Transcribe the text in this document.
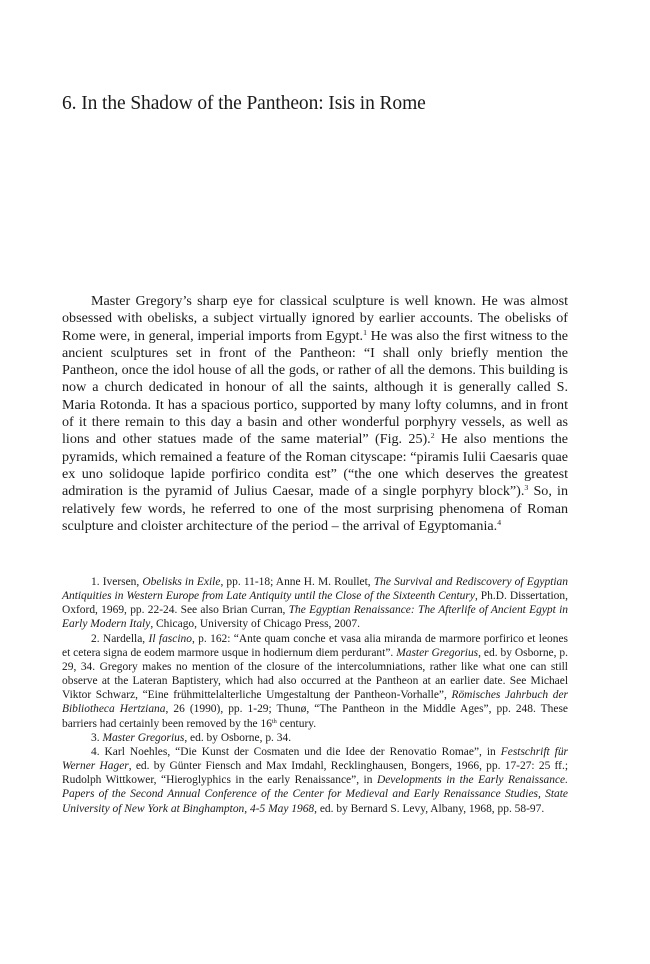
6. In the Shadow of the Pantheon: Isis in Rome

Master Gregory’s sharp eye for classical sculpture is well known. He was almost obsessed with obelisks, a subject virtually ignored by earlier accounts. The obelisks of Rome were, in general, imperial imports from Egypt.$^1$ He was also the first witness to the ancient sculptures set in front of the Pantheon: “I shall only briefly mention the Pantheon, once the idol house of all the gods, or rather of all the demons. This building is now a church dedicated in honour of all the saints, although it is generally called S. Maria Rotonda. It has a spacious portico, supported by many lofty columns, and in front of it there remain to this day a basin and other wonderful porphyry vessels, as well as lions and other statues made of the same material” (Fig. 25).$^2$ He also mentions the pyramids, which remained a feature of the Roman cityscape: “piramis Iulii Caesaris quae ex uno solidoque lapide porfirico condita est” (“the one which deserves the greatest admiration is the pyramid of Julius Caesar, made of a single porphyry block”).$^3$ So, in relatively few words, he referred to one of the most surprising phenomena of Roman sculpture and cloister architecture of the period – the arrival of Egyptomania.$^4$

1. Iversen, Obelisks in Exile, pp. 11-18; Anne H. M. Roullet, The Survival and Rediscovery of Egyptian Antiquities in Western Europe from Late Antiquity until the Close of the Sixteenth Century, Ph.D. Dissertation, Oxford, 1969, pp. 22-24. See also Brian Curran, The Egyptian Renaissance: The Afterlife of Ancient Egypt in Early Modern Italy, Chicago, University of Chicago Press, 2007.

2. Nardella, Il fascino, p. 162: “Ante quam conche et vasa alia miranda de marmore porfirico et leones et cetera signa de eodem marmore usque in hodiernum diem perdurant”. Master Gregorius, ed. by Osborne, p. 29, 34. Gregory makes no mention of the closure of the intercolumniations, rather like what one can still observe at the Lateran Baptistery, which had also occurred at the Pantheon at an earlier date. See Michael Viktor Schwarz, “Eine frühmittelalterliche Umgestaltung der Pantheon-Vorhalle”, Römisches Jahrbuch der Bibliotheca Hertziana, 26 (1990), pp. 1-29; Thunø, “The Pantheon in the Middle Ages”, pp. 248. These barriers had certainly been removed by the 16th century.

3. Master Gregorius, ed. by Osborne, p. 34.

4. Karl Noehles, “Die Kunst der Cosmaten und die Idee der Renovatio Romae”, in Festschrift für Werner Hager, ed. by Günter Fiensch and Max Imdahl, Recklinghausen, Bongers, 1966, pp. 17-27: 25 ff.; Rudolph Wittkower, “Hieroglyphics in the early Renaissance”, in Developments in the Early Renaissance. Papers of the Second Annual Conference of the Center for Medieval and Early Renaissance Studies, State University of New York at Binghampton, 4-5 May 1968, ed. by Bernard S. Levy, Albany, 1968, pp. 58-97.
